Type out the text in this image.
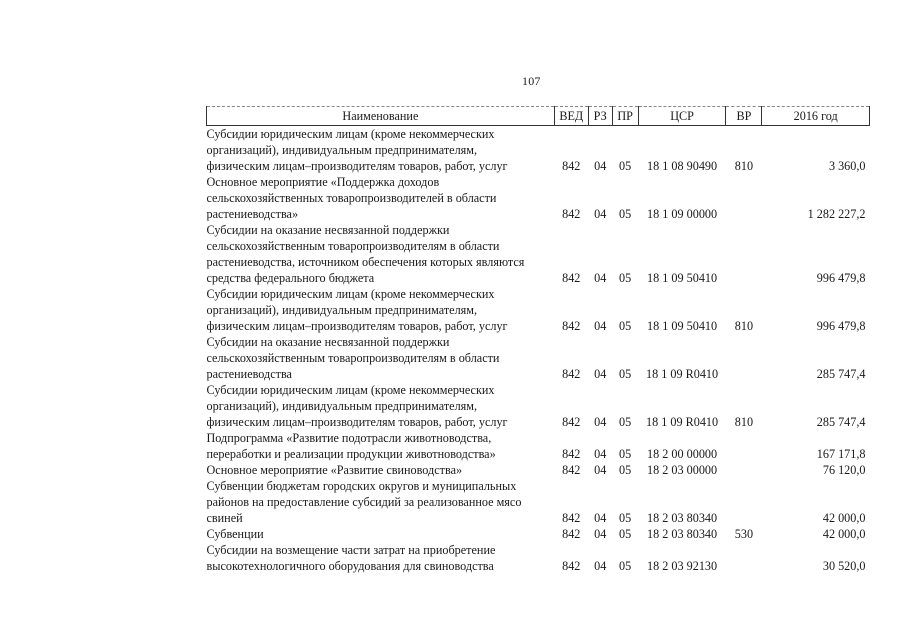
107
Наименование	ВЕД	РЗ	ПР	ЦСР	ВР	2016 год

Субсидии юридическим лицам (кроме некоммерческих
организаций), индивидуальным предпринимателям,
физическим лицам–производителям товаров, работ, услуг	842	04	05	18 1 08 90490	810	3 360,0

Основное мероприятие «Поддержка доходов
сельскохозяйственных товаропроизводителей в области
растениеводства»	842	04	05	18 1 09 00000		1 282 227,2

Субсидии на оказание несвязанной поддержки
сельскохозяйственным товаропроизводителям в области
растениеводства, источником обеспечения которых являются
средства федерального бюджета	842	04	05	18 1 09 50410		996 479,8

Субсидии юридическим лицам (кроме некоммерческих
организаций), индивидуальным предпринимателям,
физическим лицам–производителям товаров, работ, услуг	842	04	05	18 1 09 50410	810	996 479,8

Субсидии на оказание несвязанной поддержки
сельскохозяйственным товаропроизводителям в области
растениеводства	842	04	05	18 1 09 R0410		285 747,4

Субсидии юридическим лицам (кроме некоммерческих
организаций), индивидуальным предпринимателям,
физическим лицам–производителям товаров, работ, услуг	842	04	05	18 1 09 R0410	810	285 747,4

Подпрограмма «Развитие подотрасли животноводства,
переработки и реализации продукции животноводства»	842	04	05	18 2 00 00000		167 171,8

Основное мероприятие «Развитие свиноводства»	842	04	05	18 2 03 00000		76 120,0

Субвенции бюджетам городских округов и муниципальных
районов на предоставление субсидий за реализованное мясо
свиней	842	04	05	18 2 03 80340		42 000,0

Субвенции	842	04	05	18 2 03 80340	530	42 000,0

Субсидии на возмещение части затрат на приобретение
высокотехнологичного оборудования для свиноводства	842	04	05	18 2 03 92130		30 520,0
